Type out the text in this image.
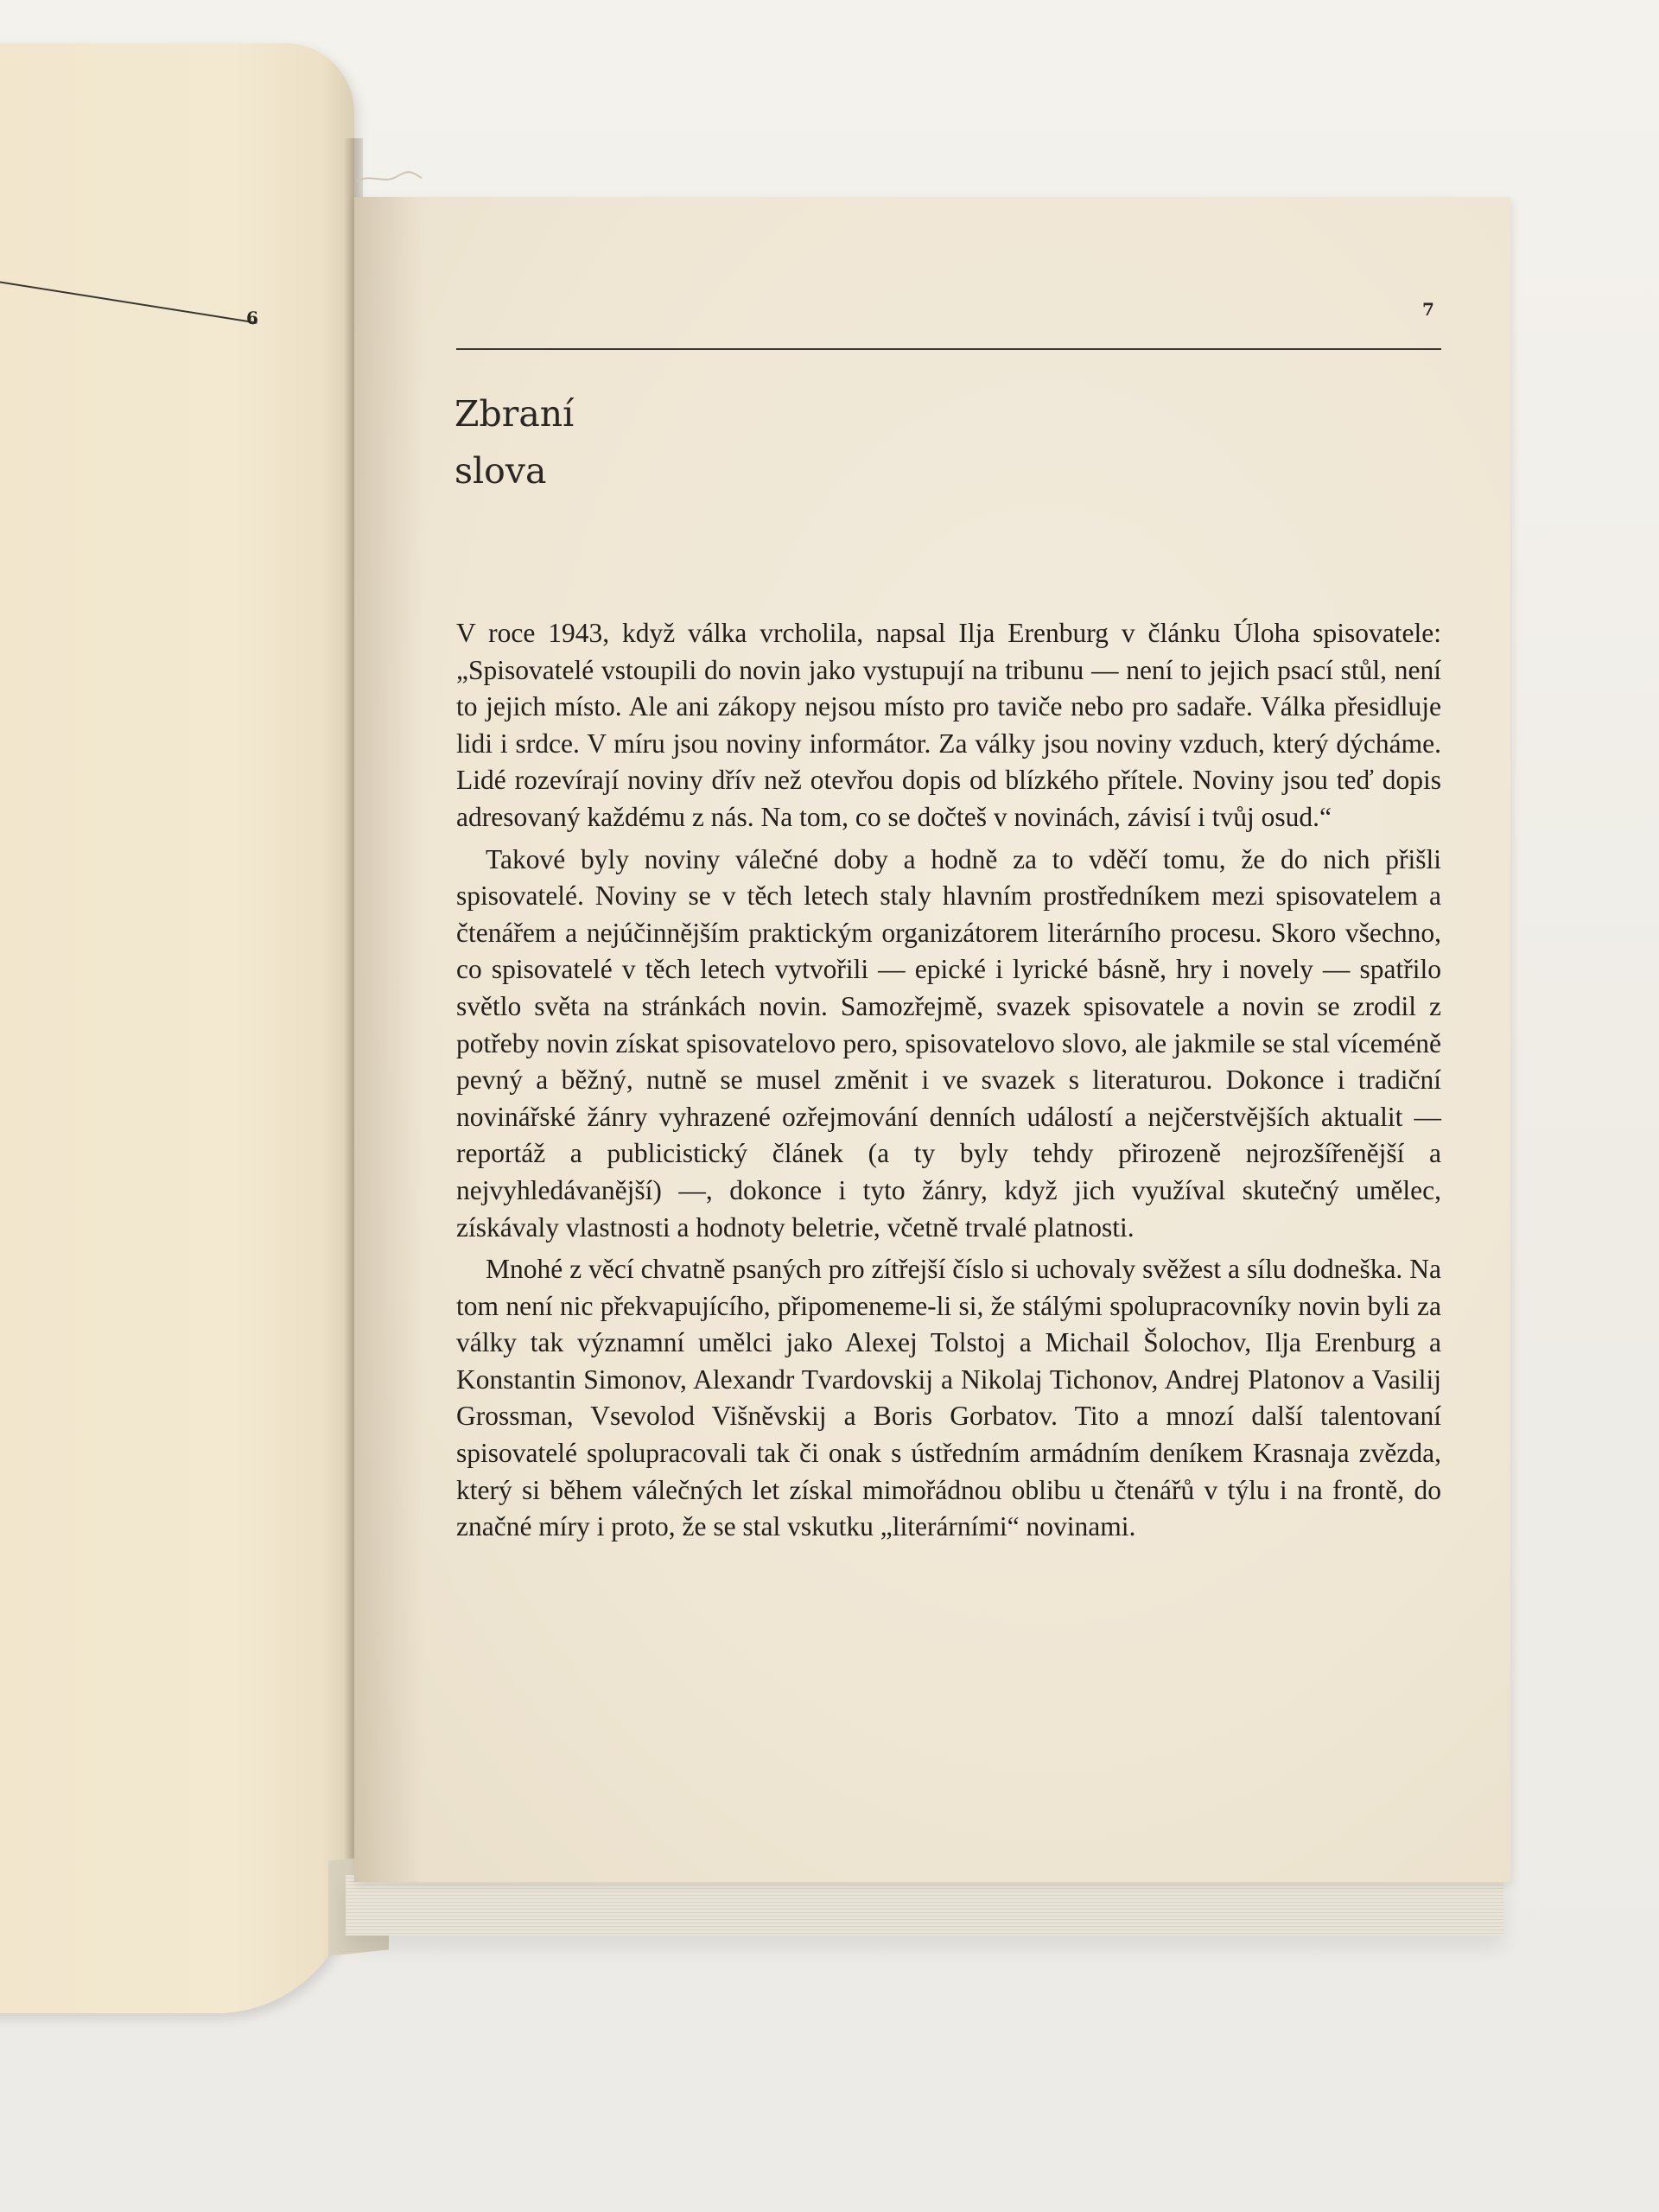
6	7
Zbraní
slova

V roce 1943, když válka vrcholila, napsal Ilja Erenburg v článku Úloha spisovatele: „Spisovatelé vstoupili do novin jako vystupují na tribunu — není to jejich psací stůl, není to jejich místo. Ale ani zákopy nejsou místo pro taviče nebo pro sadaře. Válka přesidluje lidi i srdce. V míru jsou noviny informátor. Za války jsou noviny vzduch, který dýcháme. Lidé rozevírají noviny dřív než otevřou dopis od blízkého přítele. Noviny jsou teď dopis adresovaný každému z nás. Na tom, co se dočteš v novinách, závisí i tvůj osud.“

Takové byly noviny válečné doby a hodně za to vděčí tomu, že do nich přišli spisovatelé. Noviny se v těch letech staly hlavním prostředníkem mezi spisovatelem a čtenářem a nejúčinnějším praktickým organizátorem literárního procesu. Skoro všechno, co spisovatelé v těch letech vytvořili — epické i lyrické básně, hry i novely — spatřilo světlo světa na stránkách novin. Samozřejmě, svazek spisovatele a novin se zrodil z potřeby novin získat spisovatelovo pero, spisovatelovo slovo, ale jakmile se stal víceméně pevný a běžný, nutně se musel změnit i ve svazek s literaturou. Dokonce i tradiční novinářské žánry vyhrazené ozřejmování denních událostí a nejčerstvějších aktualit — reportáž a publicistický článek (a ty byly tehdy přirozeně nejrozšířenější a nejvyhledávanější) —, dokonce i tyto žánry, když jich využíval skutečný umělec, získávaly vlastnosti a hodnoty beletrie, včetně trvalé platnosti.

Mnohé z věcí chvatně psaných pro zítřejší číslo si uchovaly svěžest a sílu dodneška. Na tom není nic překvapujícího, připomeneme-li si, že stálými spolupracovníky novin byli za války tak významní umělci jako Alexej Tolstoj a Michail Šolochov, Ilja Erenburg a Konstantin Simonov, Alexandr Tvardovskij a Nikolaj Tichonov, Andrej Platonov a Vasilij Grossman, Vsevolod Višněvskij a Boris Gorbatov. Tito a mnozí další talentovaní spisovatelé spolupracovali tak či onak s ústředním armádním deníkem Krasnaja zvězda, který si během válečných let získal mimořádnou oblibu u čtenářů v týlu i na frontě, do značné míry i proto, že se stal vskutku „literárními“ novinami.
